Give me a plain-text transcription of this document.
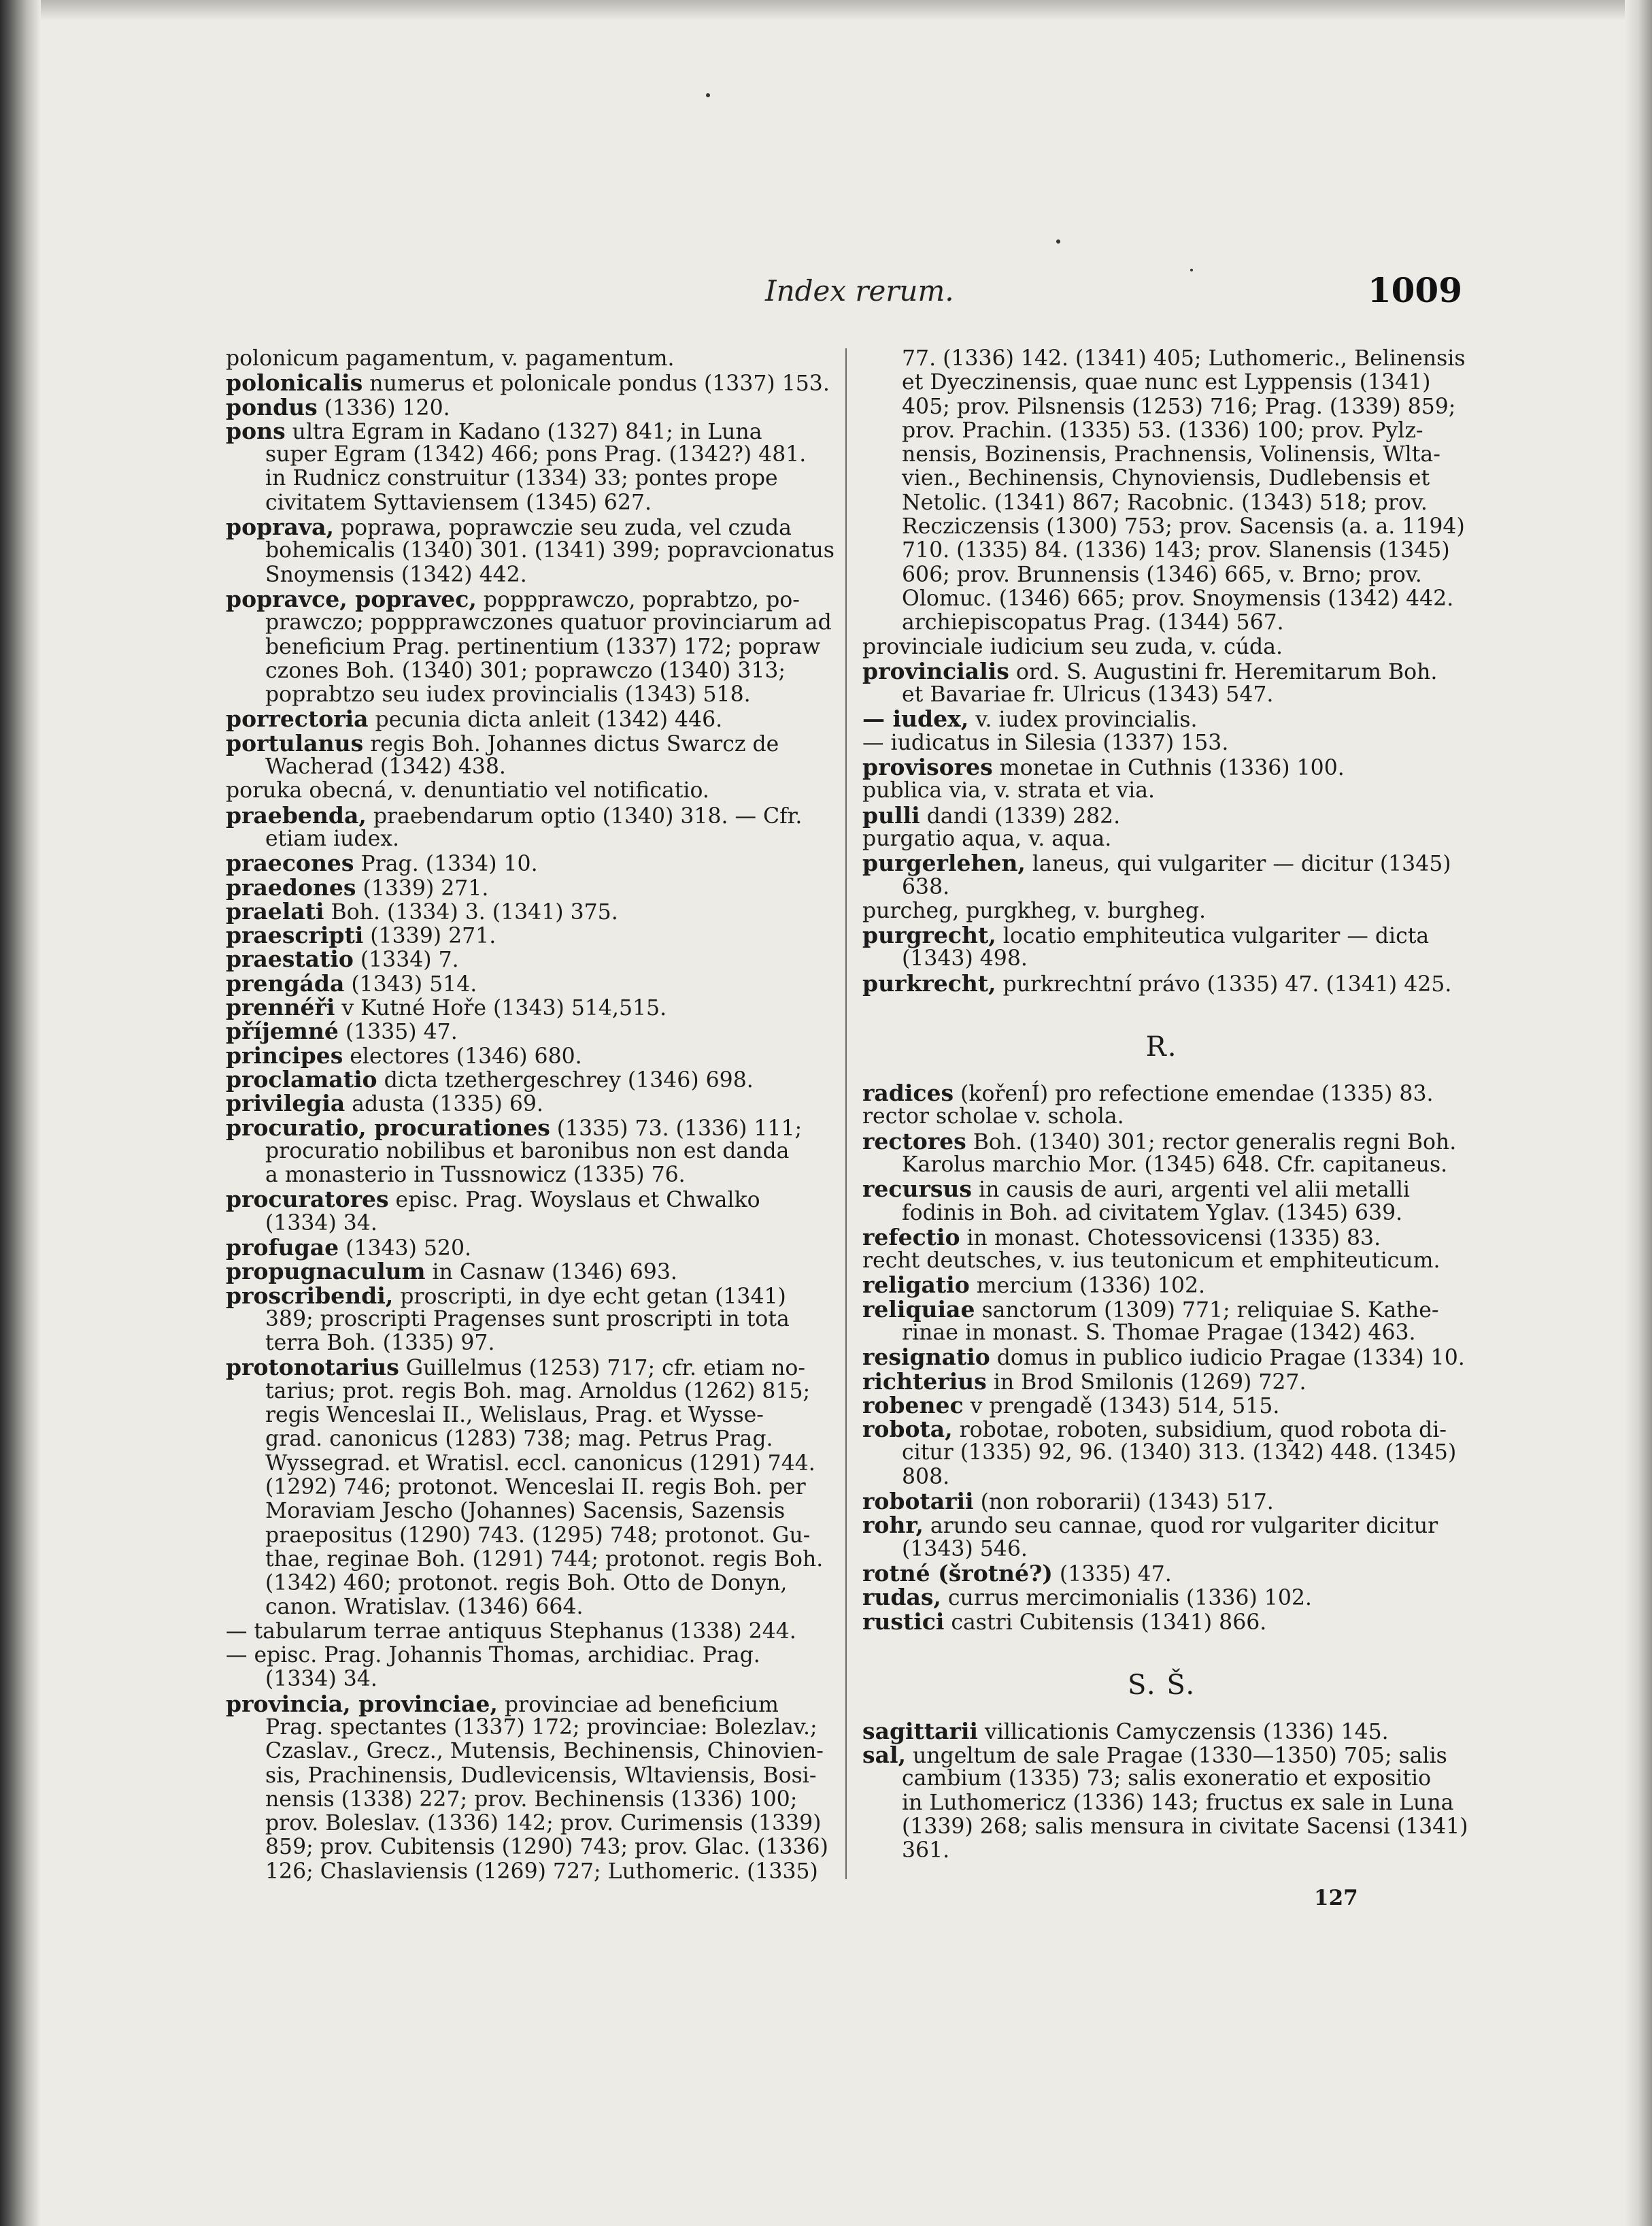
Index rerum.	1009
polonicum pagamentum, v. pagamentum.
polonicalis numerus et polonicale pondus (1337) 153.
pondus (1336) 120.
pons ultra Egram in Kadano (1327) 841; in Luna
super Egram (1342) 466; pons Prag. (1342?) 481.
in Rudnicz construitur (1334) 33; pontes prope
civitatem Syttaviensem (1345) 627.
poprava, poprawa, poprawczie seu zuda, vel czuda
bohemicalis (1340) 301. (1341) 399; popravcionatus
Snoymensis (1342) 442.
popravce, popravec, poppprawczo, poprabtzo, po-
prawczo; poppprawczones quatuor provinciarum ad
beneficium Prag. pertinentium (1337) 172; popraw
czones Boh. (1340) 301; poprawczo (1340) 313;
poprabtzo seu iudex provincialis (1343) 518.
porrectoria pecunia dicta anleit (1342) 446.
portulanus regis Boh. Johannes dictus Swarcz de
Wacherad (1342) 438.
poruka obecná, v. denuntiatio vel notificatio.
praebenda, praebendarum optio (1340) 318. — Cfr.
etiam iudex.
praecones Prag. (1334) 10.
praedones (1339) 271.
praelati Boh. (1334) 3. (1341) 375.
praescripti (1339) 271.
praestatio (1334) 7.
prengáda (1343) 514.
prennéři v Kutné Hoře (1343) 514,515.
příjemné (1335) 47.
principes electores (1346) 680.
proclamatio dicta tzethergeschrey (1346) 698.
privilegia adusta (1335) 69.
procuratio, procurationes (1335) 73. (1336) 111;
procuratio nobilibus et baronibus non est danda
a monasterio in Tussnowicz (1335) 76.
procuratores episc. Prag. Woyslaus et Chwalko
(1334) 34.
profugae (1343) 520.
propugnaculum in Casnaw (1346) 693.
proscribendi, proscripti, in dye echt getan (1341)
389; proscripti Pragenses sunt proscripti in tota
terra Boh. (1335) 97.
protonotarius Guillelmus (1253) 717; cfr. etiam no-
tarius; prot. regis Boh. mag. Arnoldus (1262) 815;
regis Wenceslai II., Welislaus, Prag. et Wysse-
grad. canonicus (1283) 738; mag. Petrus Prag.
Wyssegrad. et Wratisl. eccl. canonicus (1291) 744.
(1292) 746; protonot. Wenceslai II. regis Boh. per
Moraviam Jescho (Johannes) Sacensis, Sazensis
praepositus (1290) 743. (1295) 748; protonot. Gu-
thae, reginae Boh. (1291) 744; protonot. regis Boh.
(1342) 460; protonot. regis Boh. Otto de Donyn,
canon. Wratislav. (1346) 664.
— tabularum terrae antiquus Stephanus (1338) 244.
— episc. Prag. Johannis Thomas, archidiac. Prag.
(1334) 34.
provincia, provinciae, provinciae ad beneficium
Prag. spectantes (1337) 172; provinciae: Bolezlav.;
Czaslav., Grecz., Mutensis, Bechinensis, Chinovien-
sis, Prachinensis, Dudlevicensis, Wltaviensis, Bosi-
nensis (1338) 227; prov. Bechinensis (1336) 100;
prov. Boleslav. (1336) 142; prov. Curimensis (1339)
859; prov. Cubitensis (1290) 743; prov. Glac. (1336)
126; Chaslaviensis (1269) 727; Luthomeric. (1335)
77. (1336) 142. (1341) 405; Luthomeric., Belinensis
et Dyeczinensis, quae nunc est Lyppensis (1341)
405; prov. Pilsnensis (1253) 716; Prag. (1339) 859;
prov. Prachin. (1335) 53. (1336) 100; prov. Pylz-
nensis, Bozinensis, Prachnensis, Volinensis, Wlta-
vien., Bechinensis, Chynoviensis, Dudlebensis et
Netolic. (1341) 867; Racobnic. (1343) 518; prov.
Recziczensis (1300) 753; prov. Sacensis (a. a. 1194)
710. (1335) 84. (1336) 143; prov. Slanensis (1345)
606; prov. Brunnensis (1346) 665, v. Brno; prov.
Olomuc. (1346) 665; prov. Snoymensis (1342) 442.
archiepiscopatus Prag. (1344) 567.
provinciale iudicium seu zuda, v. cúda.
provincialis ord. S. Augustini fr. Heremitarum Boh.
et Bavariae fr. Ulricus (1343) 547.
— iudex, v. iudex provincialis.
— iudicatus in Silesia (1337) 153.
provisores monetae in Cuthnis (1336) 100.
publica via, v. strata et via.
pulli dandi (1339) 282.
purgatio aqua, v. aqua.
purgerlehen, laneus, qui vulgariter — dicitur (1345)
638.
purcheg, purgkheg, v. burgheg.
purgrecht, locatio emphiteutica vulgariter — dicta
(1343) 498.
purkrecht, purkrechtní právo (1335) 47. (1341) 425.
R.
radices (kořenÍ) pro refectione emendae (1335) 83.
rector scholae v. schola.
rectores Boh. (1340) 301; rector generalis regni Boh.
Karolus marchio Mor. (1345) 648. Cfr. capitaneus.
recursus in causis de auri, argenti vel alii metalli
fodinis in Boh. ad civitatem Yglav. (1345) 639.
refectio in monast. Chotessovicensi (1335) 83.
recht deutsches, v. ius teutonicum et emphiteuticum.
religatio mercium (1336) 102.
reliquiae sanctorum (1309) 771; reliquiae S. Kathe-
rinae in monast. S. Thomae Pragae (1342) 463.
resignatio domus in publico iudicio Pragae (1334) 10.
richterius in Brod Smilonis (1269) 727.
robenec v prengadě (1343) 514, 515.
robota, robotae, roboten, subsidium, quod robota di-
citur (1335) 92, 96. (1340) 313. (1342) 448. (1345)
808.
robotarii (non roborarii) (1343) 517.
rohr, arundo seu cannae, quod ror vulgariter dicitur
(1343) 546.
rotné (šrotné?) (1335) 47.
rudas, currus mercimonialis (1336) 102.
rustici castri Cubitensis (1341) 866.
S. Š.
sagittarii villicationis Camyczensis (1336) 145.
sal, ungeltum de sale Pragae (1330—1350) 705; salis
cambium (1335) 73; salis exoneratio et expositio
in Luthomericz (1336) 143; fructus ex sale in Luna
(1339) 268; salis mensura in civitate Sacensi (1341)
361.
127
